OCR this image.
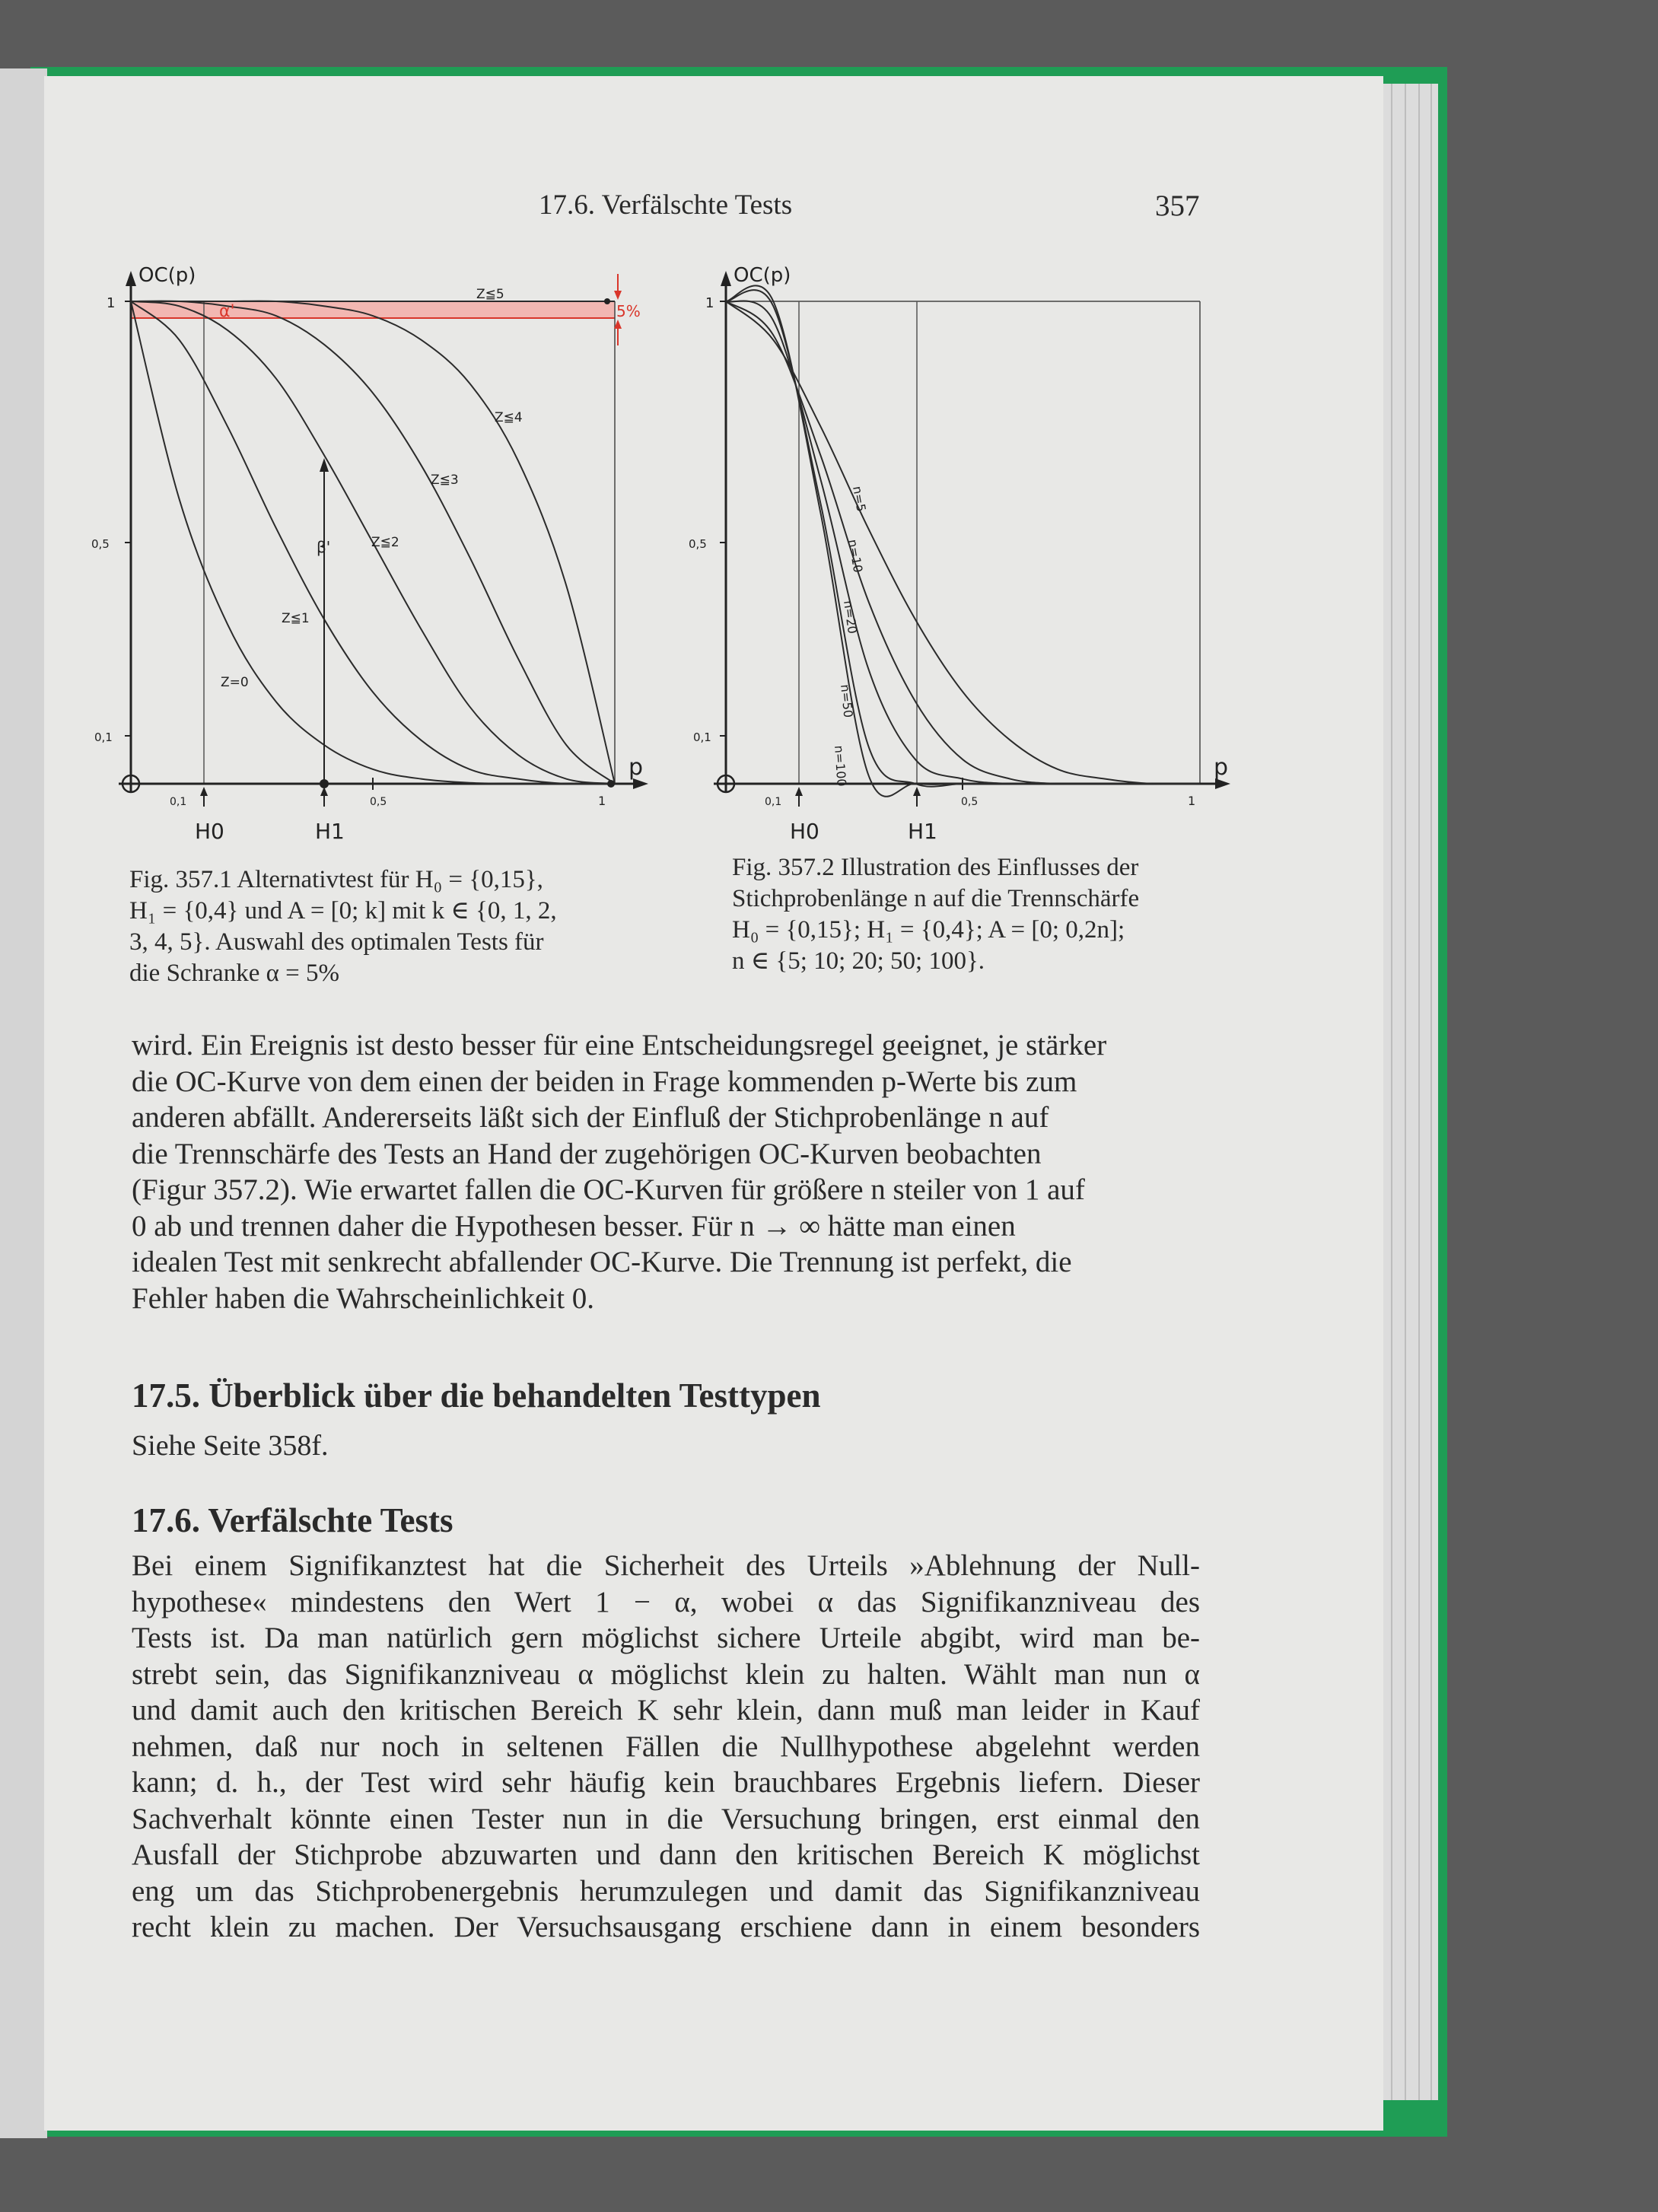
17.6. Verfälschte Tests	357
1
0,5
0,1
OC(p)
p
0,1	0,5	1
H0	H1
α'
β'
5%
Z≦5
Z≦4
Z≦3
Z≦2
Z≦1
Z=0
1
0,5
0,1
OC(p)
p
0,1	0,5	1
H0	H1
n=5
n=10
n=20
n=50
n=100
Fig. 357.1 Alternativtest für H₀ = {0,15},
H₁ = {0,4} und A = [0; k] mit k ∈ {0, 1, 2,
3, 4, 5}. Auswahl des optimalen Tests für
die Schranke α = 5%
Fig. 357.2 Illustration des Einflusses der
Stichprobenlänge n auf die Trennschärfe
H₀ = {0,15}; H₁ = {0,4}; A = [0; 0,2n];
n ∈ {5; 10; 20; 50; 100}.
wird. Ein Ereignis ist desto besser für eine Entscheidungsregel geeignet, je stärker
die OC-Kurve von dem einen der beiden in Frage kommenden p-Werte bis zum
anderen abfällt. Andererseits läßt sich der Einfluß der Stichprobenlänge n auf
die Trennschärfe des Tests an Hand der zugehörigen OC-Kurven beobachten
(Figur 357.2). Wie erwartet fallen die OC-Kurven für größere n steiler von 1 auf
0 ab und trennen daher die Hypothesen besser. Für n → ∞ hätte man einen
idealen Test mit senkrecht abfallender OC-Kurve. Die Trennung ist perfekt, die
Fehler haben die Wahrscheinlichkeit 0.
17.5. Überblick über die behandelten Testtypen
Siehe Seite 358f.
17.6. Verfälschte Tests
Bei einem Signifikanztest hat die Sicherheit des Urteils »Ablehnung der Null-
hypothese« mindestens den Wert 1 − α, wobei α das Signifikanzniveau des
Tests ist. Da man natürlich gern möglichst sichere Urteile abgibt, wird man be-
strebt sein, das Signifikanzniveau α möglichst klein zu halten. Wählt man nun α
und damit auch den kritischen Bereich K sehr klein, dann muß man leider in Kauf
nehmen, daß nur noch in seltenen Fällen die Nullhypothese abgelehnt werden
kann; d. h., der Test wird sehr häufig kein brauchbares Ergebnis liefern. Dieser
Sachverhalt könnte einen Tester nun in die Versuchung bringen, erst einmal den
Ausfall der Stichprobe abzuwarten und dann den kritischen Bereich K möglichst
eng um das Stichprobenergebnis herumzulegen und damit das Signifikanzniveau
recht klein zu machen. Der Versuchsausgang erschiene dann in einem besonders
